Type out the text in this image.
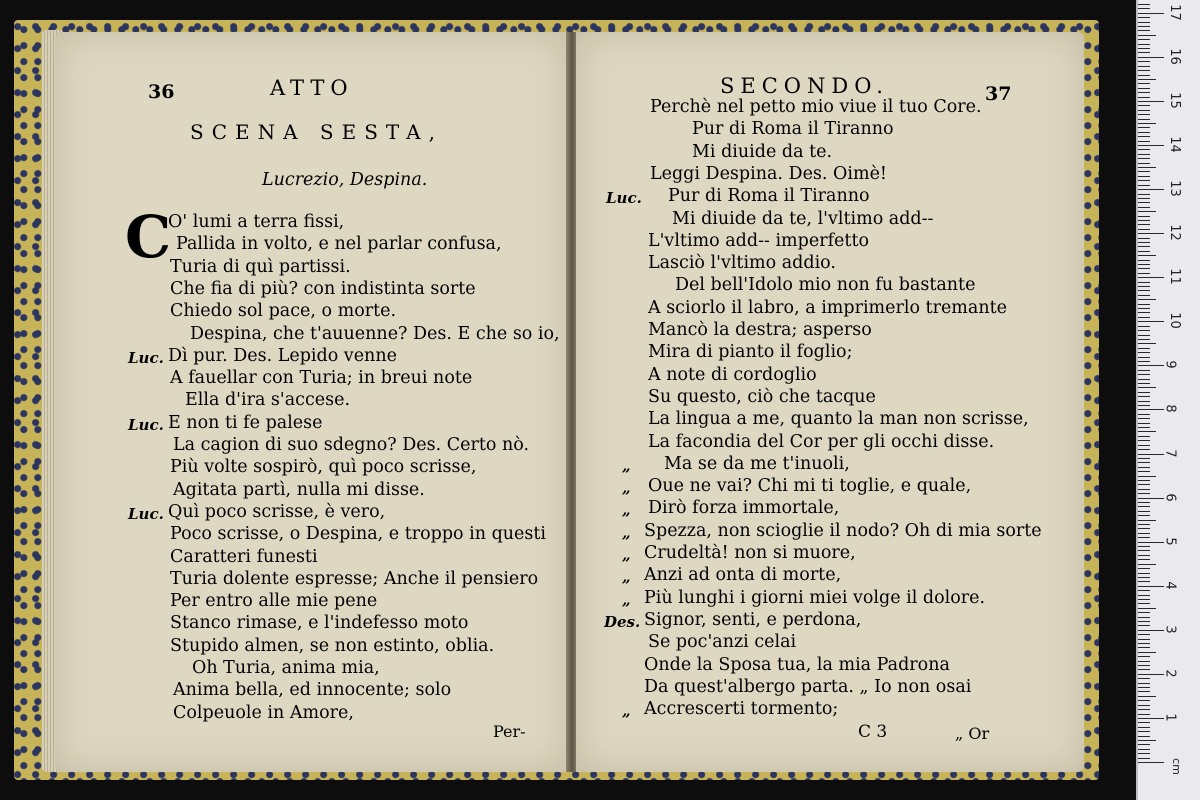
36	ATTO
SCENA SESTA,
Lucrezio, Despina.
C
O' lumi a terra fissi,
Pallida in volto, e nel parlar confusa,
Turia di quì partissi.
Che fia di più? con indistinta sorte
Chiedo sol pace, o morte.
Despina, che t'auuenne? Des. E che so io,
Luc. Dì pur. Des. Lepido venne
A fauellar con Turia; in breui note
Ella d'ira s'accese.
Luc. E non ti fe palese
La cagion di suo sdegno? Des. Certo nò.
Più volte sospirò, quì poco scrisse,
Agitata partì, nulla mi disse.
Luc. Quì poco scrisse, è vero,
Poco scrisse, o Despina, e troppo in questi
Caratteri funesti
Turia dolente espresse; Anche il pensiero
Per entro alle mie pene
Stanco rimase, e l'indefesso moto
Stupido almen, se non estinto, oblia.
Oh Turia, anima mia,
Anima bella, ed innocente; solo
Colpeuole in Amore,
Per-
SECONDO.	37
Perchè nel petto mio viue il tuo Core.
Pur di Roma il Tiranno
Mi diuide da te.
Leggi Despina. Des. Oimè!
Luc. Pur di Roma il Tiranno
Mi diuide da te, l'vltimo add--
L'vltimo add-- imperfetto
Lasciò l'vltimo addio.
Del bell'Idolo mio non fu bastante
A sciorlo il labro, a imprimerlo tremante
Mancò la destra; asperso
Mira di pianto il foglio;
A note di cordoglio
Su questo, ciò che tacque
La lingua a me, quanto la man non scrisse,
La facondia del Cor per gli occhi disse.
„ Ma se da me t'inuoli,
„ Oue ne vai? Chi mi ti toglie, e quale,
„ Dirò forza immortale,
„ Spezza, non scioglie il nodo? Oh di mia sorte
„ Crudeltà! non si muore,
„ Anzi ad onta di morte,
„ Più lunghi i giorni miei volge il dolore.
Des. Signor, senti, e perdona,
Se poc'anzi celai
Onde la Sposa tua, la mia Padrona
Da quest'albergo parta. „ Io non osai
„ Accrescerti tormento;
C 3	„ Or
1
2
3
4
5
6
7
8
9
10
11
12
13
14
15
16
17
cm
